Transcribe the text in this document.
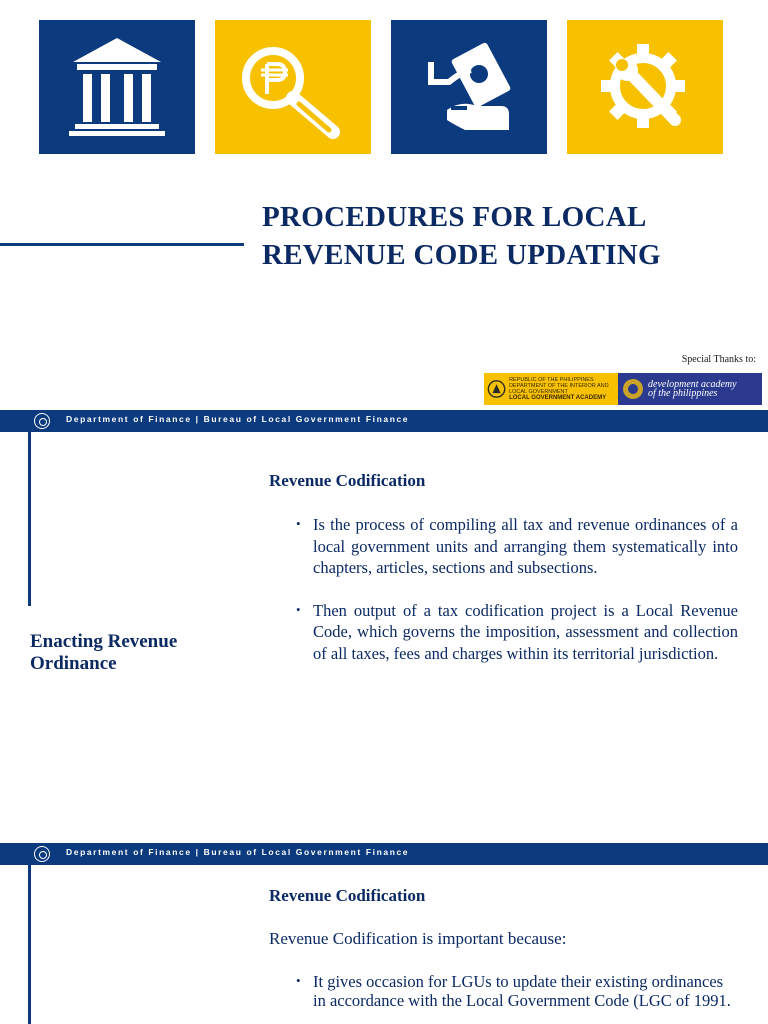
PROCEDURES FOR LOCAL
REVENUE CODE UPDATING
Special Thanks to:
REPUBLIC OF THE PHILIPPINES
DEPARTMENT OF THE INTERIOR AND LOCAL GOVERNMENT
LOCAL GOVERNMENT ACADEMY
development academy
of the philippines
Department of Finance | Bureau of Local Government Finance
Enacting Revenue Ordinance
Revenue Codification
• Is the process of compiling all tax and revenue ordinances of a local government units and arranging them systematically into chapters, articles, sections and subsections.
• Then output of a tax codification project is a Local Revenue Code, which governs the imposition, assessment and collection of all taxes, fees and charges within its territorial jurisdiction.
Department of Finance | Bureau of Local Government Finance
Revenue Codification
Revenue Codification is important because:
• It gives occasion for LGUs to update their existing ordinances in accordance with the Local Government Code (LGC of 1991.
